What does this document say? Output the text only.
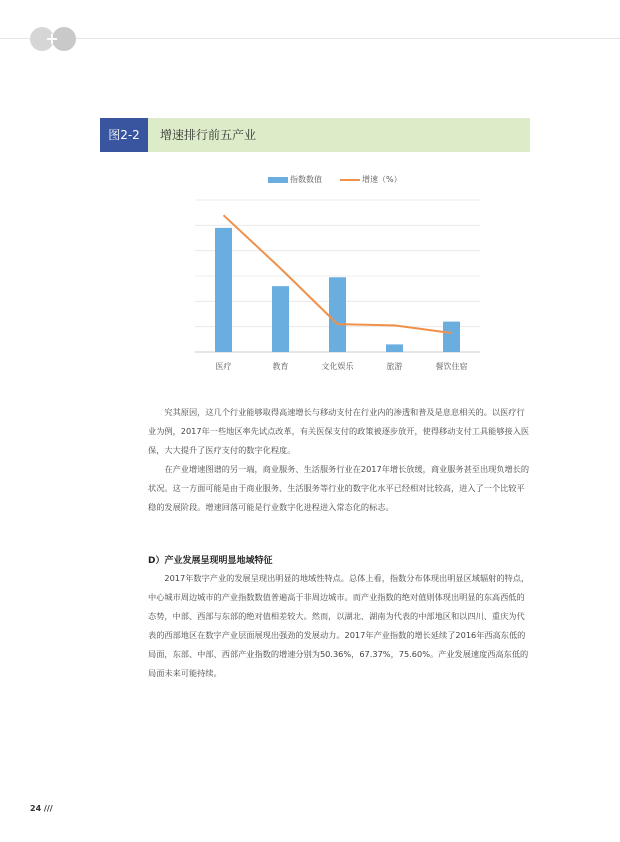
+
图2-2	增速排行前五产业
指数数值	增速（%）
医疗	教育	文化娱乐	旅游	餐饮住宿

究其原因，这几个行业能够取得高速增长与移动支付在行业内的渗透和普及是息息相关的。以医疗行业为例，2017年一些地区率先试点改革，有关医保支付的政策被逐步放开，使得移动支付工具能够接入医保，大大提升了医疗支付的数字化程度。

在产业增速图谱的另一端，商业服务、生活服务行业在2017年增长放缓，商业服务甚至出现负增长的状况。这一方面可能是由于商业服务、生活服务等行业的数字化水平已经相对比较高，进入了一个比较平稳的发展阶段。增速回落可能是行业数字化进程进入常态化的标志。

D）产业发展呈现明显地域特征

2017年数字产业的发展呈现出明显的地域性特点。总体上看，指数分布体现出明显区域辐射的特点，中心城市周边城市的产业指数数值普遍高于非周边城市。而产业指数的绝对值则体现出明显的东高西低的态势，中部、西部与东部的绝对值相差较大。然而，以湖北、湖南为代表的中部地区和以四川、重庆为代表的西部地区在数字产业层面展现出强劲的发展动力。2017年产业指数的增长延续了2016年西高东低的局面，东部、中部、西部产业指数的增速分别为50.36%，67.37%，75.60%。产业发展速度西高东低的局面未来可能持续。

24 ///
